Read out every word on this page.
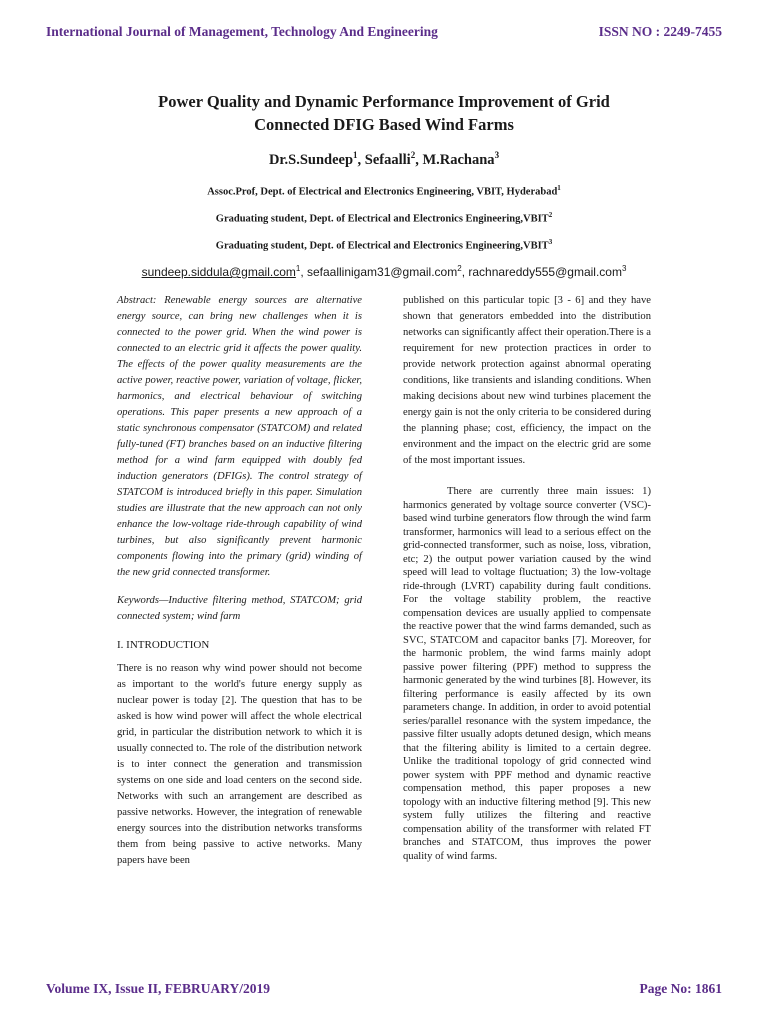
International Journal of Management, Technology And Engineering	ISSN NO : 2249-7455
Power Quality and Dynamic Performance Improvement of Grid
Connected DFIG Based Wind Farms
Dr.S.Sundeep$^1$, Sefaalli$^2$, M.Rachana$^3$
Assoc.Prof, Dept. of Electrical and Electronics Engineering, VBIT, Hyderabad$^1$
Graduating student, Dept. of Electrical and Electronics Engineering,VBIT$^2$
Graduating student, Dept. of Electrical and Electronics Engineering,VBIT$^3$
sundeep.siddula@gmail.com$^1$, sefaallinigam31@gmail.com$^2$, rachnareddy555@gmail.com$^3$

Abstract: Renewable energy sources are alternative energy source, can bring new challenges when it is connected to the power grid. When the wind power is connected to an electric grid it affects the power quality. The effects of the power quality measurements are the active power, reactive power, variation of voltage, flicker, harmonics, and electrical behaviour of switching operations. This paper presents a new approach of a static synchronous compensator (STATCOM) and related fully-tuned (FT) branches based on an inductive filtering method for a wind farm equipped with doubly fed induction generators (DFIGs). The control strategy of STATCOM is introduced briefly in this paper. Simulation studies are illustrate that the new approach can not only enhance the low-voltage ride-through capability of wind turbines, but also significantly prevent harmonic components flowing into the primary (grid) winding of the new grid connected transformer.

Keywords—Inductive filtering method, STATCOM; grid connected system; wind farm

I. INTRODUCTION

There is no reason why wind power should not become as important to the world's future energy supply as nuclear power is today [2]. The question that has to be asked is how wind power will affect the whole electrical grid, in particular the distribution network to which it is usually connected to. The role of the distribution network is to inter connect the generation and transmission systems on one side and load centers on the second side. Networks with such an arrangement are described as passive networks. However, the integration of renewable energy sources into the distribution networks transforms them from being passive to active networks. Many papers have been

published on this particular topic [3 - 6] and they have shown that generators embedded into the distribution networks can significantly affect their operation.There is a requirement for new protection practices in order to provide network protection against abnormal operating conditions, like transients and islanding conditions. When making decisions about new wind turbines placement the energy gain is not the only criteria to be considered during the planning phase; cost, efficiency, the impact on the environment and the impact on the electric grid are some of the most important issues.

There are currently three main issues: 1) harmonics generated by voltage source converter (VSC)-based wind turbine generators flow through the wind farm transformer, harmonics will lead to a serious effect on the grid-connected transformer, such as noise, loss, vibration, etc; 2) the output power variation caused by the wind speed will lead to voltage fluctuation; 3) the low-voltage ride-through (LVRT) capability during fault conditions. For the voltage stability problem, the reactive compensation devices are usually applied to compensate the reactive power that the wind farms demanded, such as SVC, STATCOM and capacitor banks [7]. Moreover, for the harmonic problem, the wind farms mainly adopt passive power filtering (PPF) method to suppress the harmonic generated by the wind turbines [8]. However, its filtering performance is easily affected by its own parameters change. In addition, in order to avoid potential series/parallel resonance with the system impedance, the passive filter usually adopts detuned design, which means that the filtering ability is limited to a certain degree. Unlike the traditional topology of grid connected wind power system with PPF method and dynamic reactive compensation method, this paper proposes a new topology with an inductive filtering method [9]. This new system fully utilizes the filtering and reactive compensation ability of the transformer with related FT branches and STATCOM, thus improves the power quality of wind farms.

Volume IX, Issue II, FEBRUARY/2019	Page No: 1861
